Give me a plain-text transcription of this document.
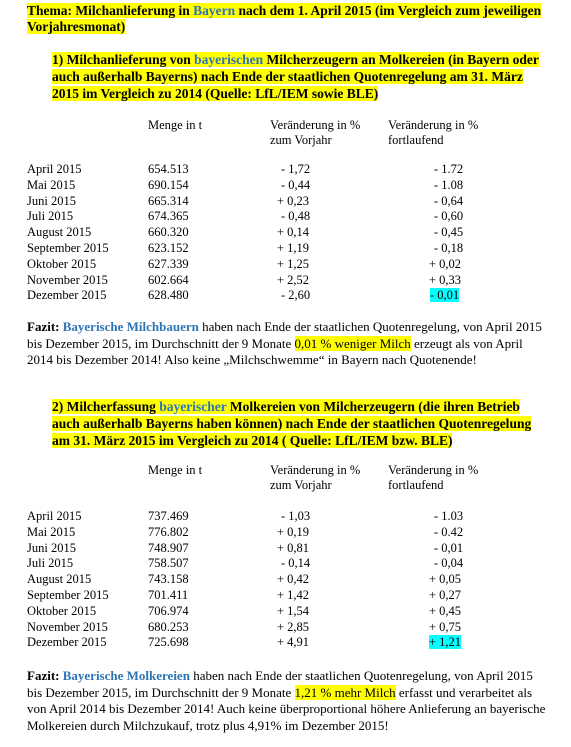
Thema: Milchanlieferung in Bayern nach dem 1. April 2015 (im Vergleich zum jeweiligen Vorjahresmonat)
1) Milchanlieferung von bayerischen Milcherzeugern an Molkereien (in Bayern oder auch außerhalb Bayerns) nach Ende der staatlichen Quotenregelung am 31. März 2015 im Vergleich zu 2014 (Quelle: LfL/IEM sowie BLE)
Menge in t	Veränderung in %
zum Vorjahr
Veränderung in %
fortlaufend
April 2015	654.513	- 1,72	- 1.72
Mai 2015	690.154	- 0,44	- 1.08
Juni 2015	665.314	+ 0,23	- 0,64
Juli 2015	674.365	- 0,48	- 0,60
August 2015	660.320	+ 0,14	- 0,45
September 2015	623.152	+ 1,19	- 0,18
Oktober 2015	627.339	+ 1,25	+ 0,02
November 2015	602.664	+ 2,52	+ 0,33
Dezember 2015	628.480	- 2,60	- 0,01
Fazit: Bayerische Milchbauern haben nach Ende der staatlichen Quotenregelung, von April 2015 bis Dezember 2015, im Durchschnitt der 9 Monate 0,01 % weniger Milch erzeugt als von April 2014 bis Dezember 2014! Also keine „Milchschwemme“ in Bayern nach Quotenende!
2) Milcherfassung bayerischer Molkereien von Milcherzeugern (die ihren Betrieb auch außerhalb Bayerns haben können) nach Ende der staatlichen Quotenregelung am 31. März 2015 im Vergleich zu 2014 ( Quelle: LfL/IEM bzw. BLE)
Menge in t	Veränderung in %
zum Vorjahr
Veränderung in %
fortlaufend
April 2015	737.469	- 1,03	- 1.03
Mai 2015	776.802	+ 0,19	- 0.42
Juni 2015	748.907	+ 0,81	- 0,01
Juli 2015	758.507	- 0,14	- 0,04
August 2015	743.158	+ 0,42	+ 0,05
September 2015	701.411	+ 1,42	+ 0,27
Oktober 2015	706.974	+ 1,54	+ 0,45
November 2015	680.253	+ 2,85	+ 0,75
Dezember 2015	725.698	+ 4,91	+ 1,21
Fazit: Bayerische Molkereien haben nach Ende der staatlichen Quotenregelung, von April 2015 bis Dezember 2015, im Durchschnitt der 9 Monate 1,21 % mehr Milch erfasst und verarbeitet als von April 2014 bis Dezember 2014! Auch keine überproportional höhere Anlieferung an bayerische Molkereien durch Milchzukauf, trotz plus 4,91% im Dezember 2015!
